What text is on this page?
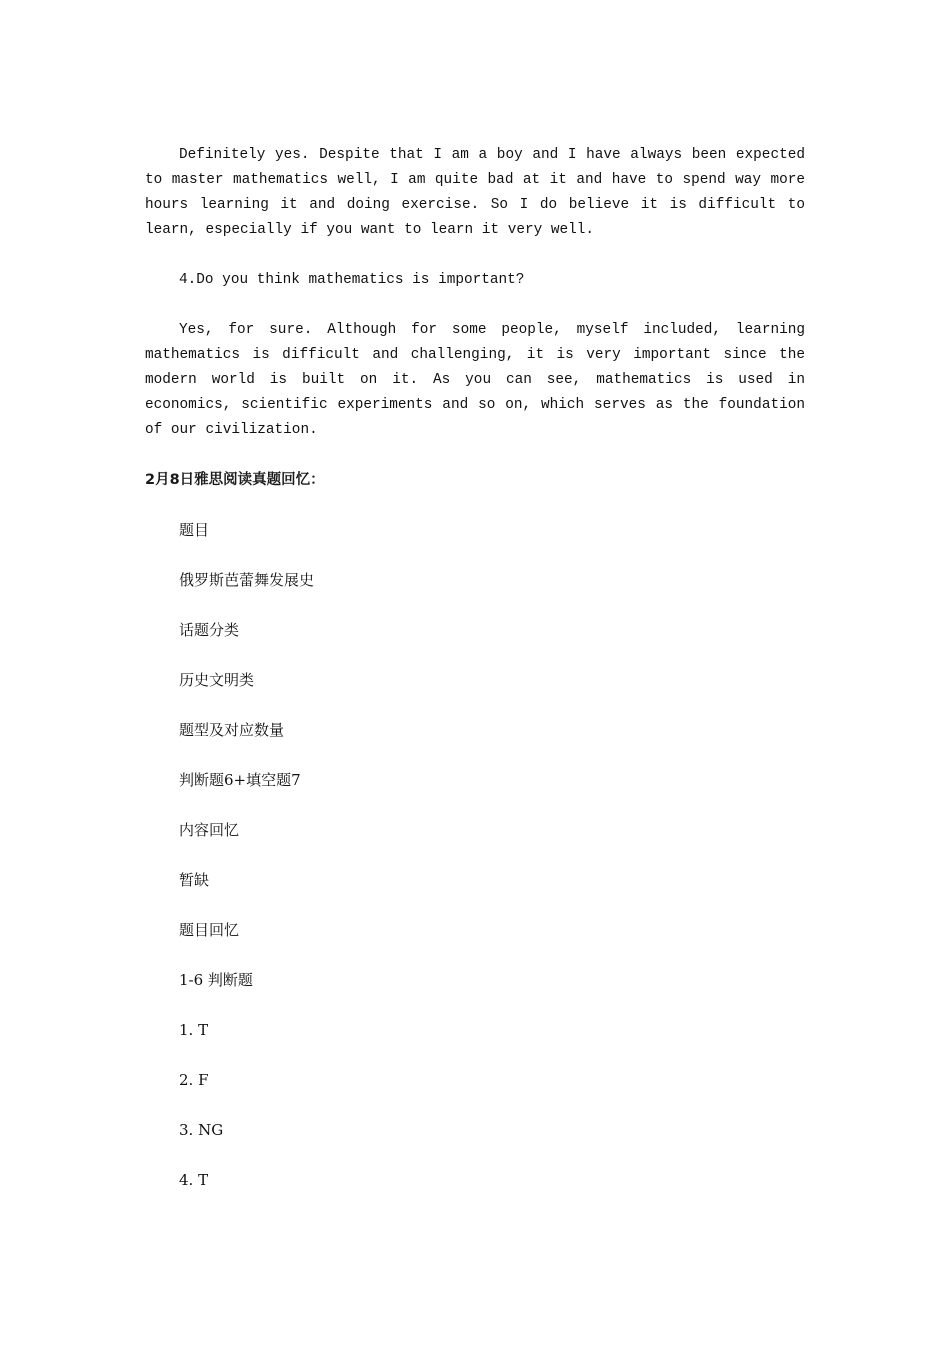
Definitely yes. Despite that I am a boy and I have always been expected to master mathematics well, I am quite bad at it and have to spend way more hours learning it and doing exercise. So I do believe it is difficult to learn, especially if you want to learn it very well.

4.Do you think mathematics is important?

Yes, for sure. Although for some people, myself included, learning mathematics is difficult and challenging, it is very important since the modern world is built on it. As you can see, mathematics is used in economics, scientific experiments and so on, which serves as the foundation of our civilization.

2月8日雅思阅读真题回忆：

题目
俄罗斯芭蕾舞发展史
话题分类
历史文明类
题型及对应数量
判断题6+填空题7
内容回忆
暂缺
题目回忆
1-6 判断题
1. T
2. F
3. NG
4. T
